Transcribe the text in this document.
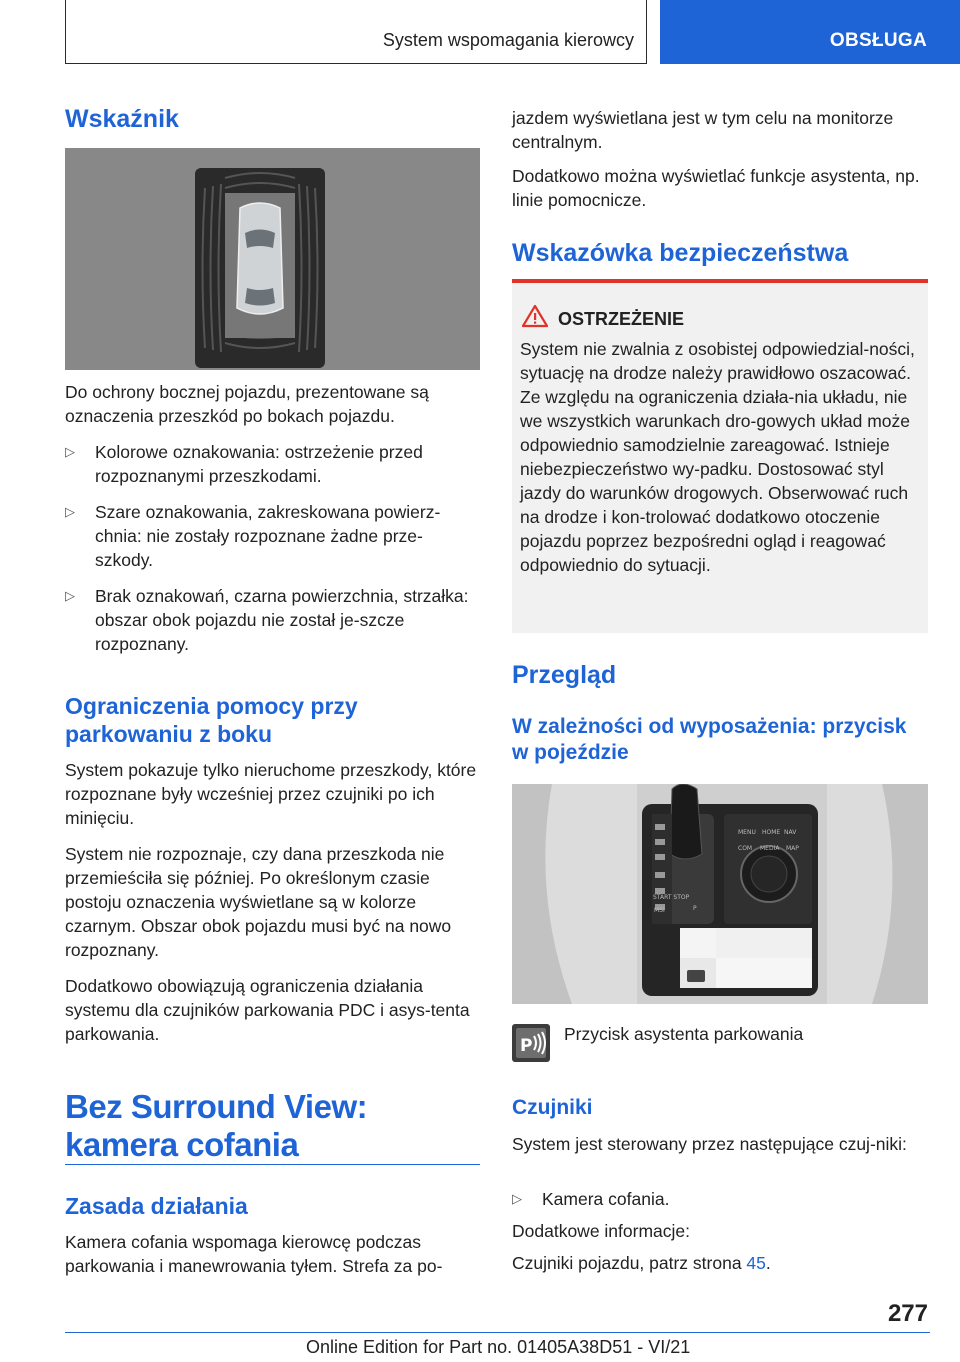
System wspomagania kierowcy	OBSŁUGA
Wskaźnik

Do ochrony bocznej pojazdu, prezentowane są oznaczenia przeszkód po bokach pojazdu.

▷ Kolorowe oznakowania: ostrzeżenie przed rozpoznanymi przeszkodami.
▷ Szare oznakowania, zakreskowana powierz-chnia: nie zostały rozpoznane żadne prze-szkody.
▷ Brak oznakowań, czarna powierzchnia, strzałka: obszar obok pojazdu nie został je-szcze rozpoznany.
Ograniczenia pomocy przy parkowaniu z boku

System pokazuje tylko nieruchome przeszkody, które rozpoznane były wcześniej przez czujniki po ich minięciu.

System nie rozpoznaje, czy dana przeszkoda nie przemieściła się później. Po określonym czasie postoju oznaczenia wyświetlane są w kolorze czarnym. Obszar obok pojazdu musi być na nowo rozpoznany.

Dodatkowo obowiązują ograniczenia działania systemu dla czujników parkowania PDC i asys-tenta parkowania.

Bez Surround View: kamera cofania
Zasada działania

Kamera cofania wspomaga kierowcę podczas parkowania i manewrowania tyłem. Strefa za po-

jazdem wyświetlana jest w tym celu na monitorze centralnym.

Dodatkowo można wyświetlać funkcje asystenta, np. linie pomocnicze.

Wskazówka bezpieczeństwa
OSTRZEŻENIE
System nie zwalnia z osobistej odpowiedzial-ności, sytuację na drodze należy prawidłowo oszacować. Ze względu na ograniczenia działa-nia układu, nie we wszystkich warunkach dro-gowych układ może odpowiednio samodzielnie zareagować. Istnieje niebezpieczeństwo wy-padku. Dostosować styl jazdy do warunków drogowych. Obserwować ruch na drodze i kon-trolować dodatkowo otoczenie pojazdu poprzez bezpośredni ogląd i reagować odpowiednio do sytuacji.
Przegląd
W zależności od wyposażenia: przycisk w pojeździe
MENU HOME NAV
COM MEDIA MAP
START STOP
MSI	P
P

Przycisk asystenta parkowania

Czujniki

System jest sterowany przez następujące czuj-niki:

▷ Kamera cofania.

Dodatkowe informacje:

Czujniki pojazdu, patrz strona 45.

277
Online Edition for Part no. 01405A38D51 - VI/21
